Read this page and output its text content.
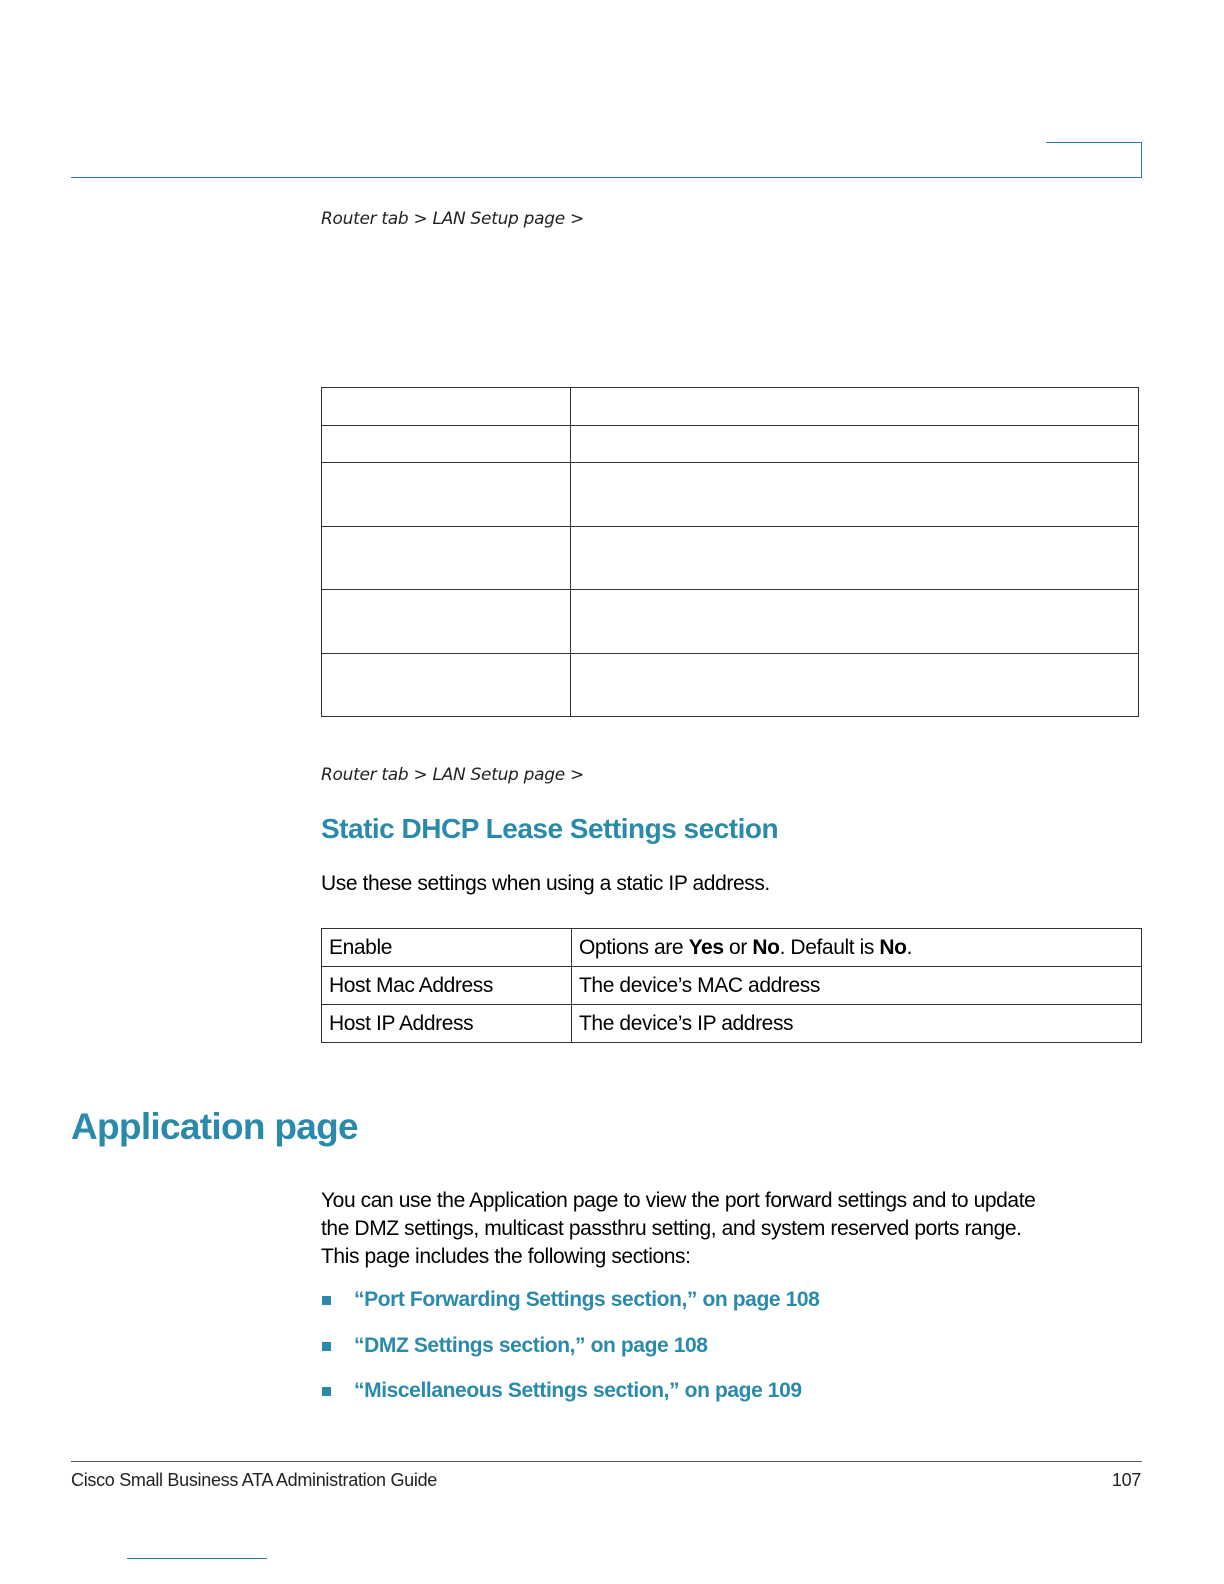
Router tab > LAN Setup page >

Router tab > LAN Setup page >
Static DHCP Lease Settings section
Use these settings when using a static IP address.
Enable	Options are Yes or No. Default is No.
Host Mac Address	The device’s MAC address
Host IP Address	The device’s IP address
Application page
You can use the Application page to view the port forward settings and to update
the DMZ settings, multicast passthru setting, and system reserved ports range.
This page includes the following sections:
“Port Forwarding Settings section,” on page 108
“DMZ Settings section,” on page 108
“Miscellaneous Settings section,” on page 109
Cisco Small Business ATA Administration Guide	107
